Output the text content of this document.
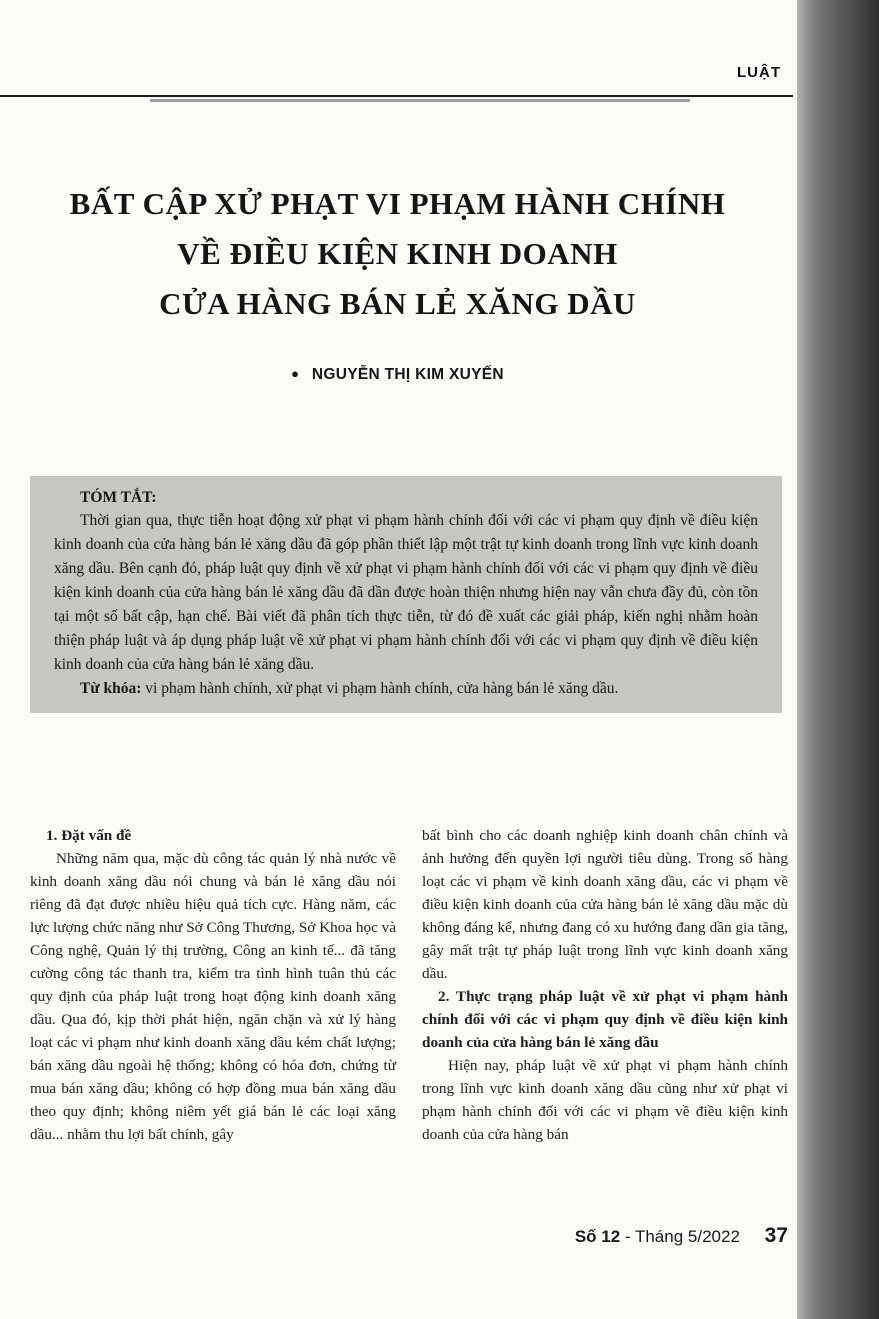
LUẬT
BẤT CẬP XỬ PHẠT VI PHẠM HÀNH CHÍNH
VỀ ĐIỀU KIỆN KINH DOANH
CỬA HÀNG BÁN LẺ XĂNG DẦU
● NGUYỄN THỊ KIM XUYẾN
TÓM TẮT:

Thời gian qua, thực tiễn hoạt động xử phạt vi phạm hành chính đối với các vi phạm quy định về điều kiện kinh doanh của cửa hàng bán lẻ xăng dầu đã góp phần thiết lập một trật tự kinh doanh trong lĩnh vực kinh doanh xăng dầu. Bên cạnh đó, pháp luật quy định về xử phạt vi phạm hành chính đối với các vi phạm quy định về điều kiện kinh doanh của cửa hàng bán lẻ xăng dầu đã dần được hoàn thiện nhưng hiện nay vẫn chưa đầy đủ, còn tồn tại một số bất cập, hạn chế. Bài viết đã phân tích thực tiễn, từ đó đề xuất các giải pháp, kiến nghị nhằm hoàn thiện pháp luật và áp dụng pháp luật về xử phạt vi phạm hành chính đối với các vi phạm quy định về điều kiện kinh doanh của cửa hàng bán lẻ xăng dầu.

Từ khóa: vi phạm hành chính, xử phạt vi phạm hành chính, cửa hàng bán lẻ xăng dầu.

1. Đặt vấn đề

Những năm qua, mặc dù công tác quản lý nhà nước về kinh doanh xăng dầu nói chung và bán lẻ xăng dầu nói riêng đã đạt được nhiều hiệu quả tích cực. Hàng năm, các lực lượng chức năng như Sở Công Thương, Sở Khoa học và Công nghệ, Quản lý thị trường, Công an kinh tế... đã tăng cường công tác thanh tra, kiểm tra tình hình tuân thủ các quy định của pháp luật trong hoạt động kinh doanh xăng dầu. Qua đó, kịp thời phát hiện, ngăn chặn và xử lý hàng loạt các vi phạm như kinh doanh xăng dầu kém chất lượng; bán xăng dầu ngoài hệ thống; không có hóa đơn, chứng từ mua bán xăng dầu; không có hợp đồng mua bán xăng dầu theo quy định; không niêm yết giá bán lẻ các loại xăng dầu... nhằm thu lợi bất chính, gây

bất bình cho các doanh nghiệp kinh doanh chân chính và ảnh hưởng đến quyền lợi người tiêu dùng. Trong số hàng loạt các vi phạm về kinh doanh xăng dầu, các vi phạm về điều kiện kinh doanh của cửa hàng bán lẻ xăng dầu mặc dù không đáng kể, nhưng đang có xu hướng đang dần gia tăng, gây mất trật tự pháp luật trong lĩnh vực kinh doanh xăng dầu.

2. Thực trạng pháp luật về xử phạt vi phạm hành chính đối với các vi phạm quy định về điều kiện kinh doanh của cửa hàng bán lẻ xăng dầu

Hiện nay, pháp luật về xử phạt vi phạm hành chính trong lĩnh vực kinh doanh xăng dầu cũng như xử phạt vi phạm hành chính đối với các vi phạm về điều kiện kinh doanh của cửa hàng bán

Số 12 - Tháng 5/2022 37
